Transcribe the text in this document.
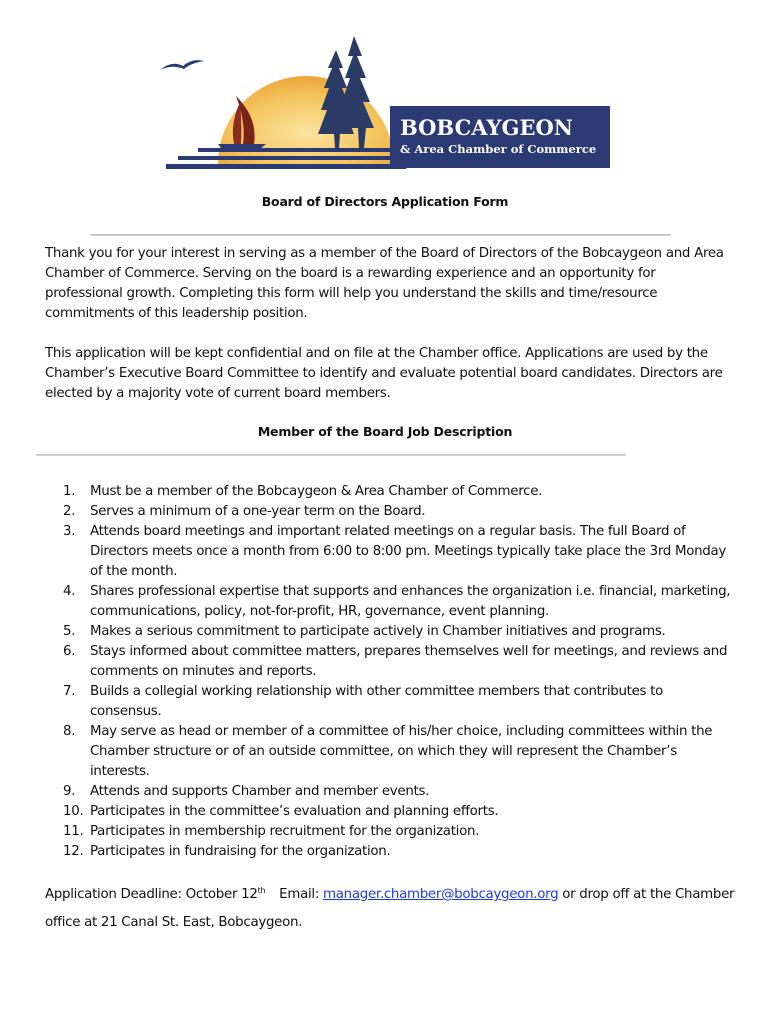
BOBCAYGEON
& Area Chamber of Commerce
Board of Directors Application Form

Thank you for your interest in serving as a member of the Board of Directors of the Bobcaygeon and Area Chamber of Commerce. Serving on the board is a rewarding experience and an opportunity for professional growth. Completing this form will help you understand the skills and time/resource commitments of this leadership position.

This application will be kept confidential and on file at the Chamber office. Applications are used by the Chamber’s Executive Board Committee to identify and evaluate potential board candidates. Directors are elected by a majority vote of current board members.

Member of the Board Job Description
1.	Must be a member of the Bobcaygeon & Area Chamber of Commerce.
2.	Serves a minimum of a one-year term on the Board.
3.	Attends board meetings and important related meetings on a regular basis. The full Board of Directors meets once a month from 6:00 to 8:00 pm. Meetings typically take place the 3rd Monday of the month.
4.	Shares professional expertise that supports and enhances the organization i.e. financial, marketing, communications, policy, not-for-profit, HR, governance, event planning.
5.	Makes a serious commitment to participate actively in Chamber initiatives and programs.
6.	Stays informed about committee matters, prepares themselves well for meetings, and reviews and comments on minutes and reports.
7.	Builds a collegial working relationship with other committee members that contributes to consensus.
8.	May serve as head or member of a committee of his/her choice, including committees within the Chamber structure or of an outside committee, on which they will represent the Chamber’s interests.
9.	Attends and supports Chamber and member events.
10. Participates in the committee’s evaluation and planning efforts.
11. Participates in membership recruitment for the organization.
12. Participates in fundraising for the organization.

Application Deadline: October 12th Email: manager.chamber@bobcaygeon.org or drop off at the Chamber office at 21 Canal St. East, Bobcaygeon.
